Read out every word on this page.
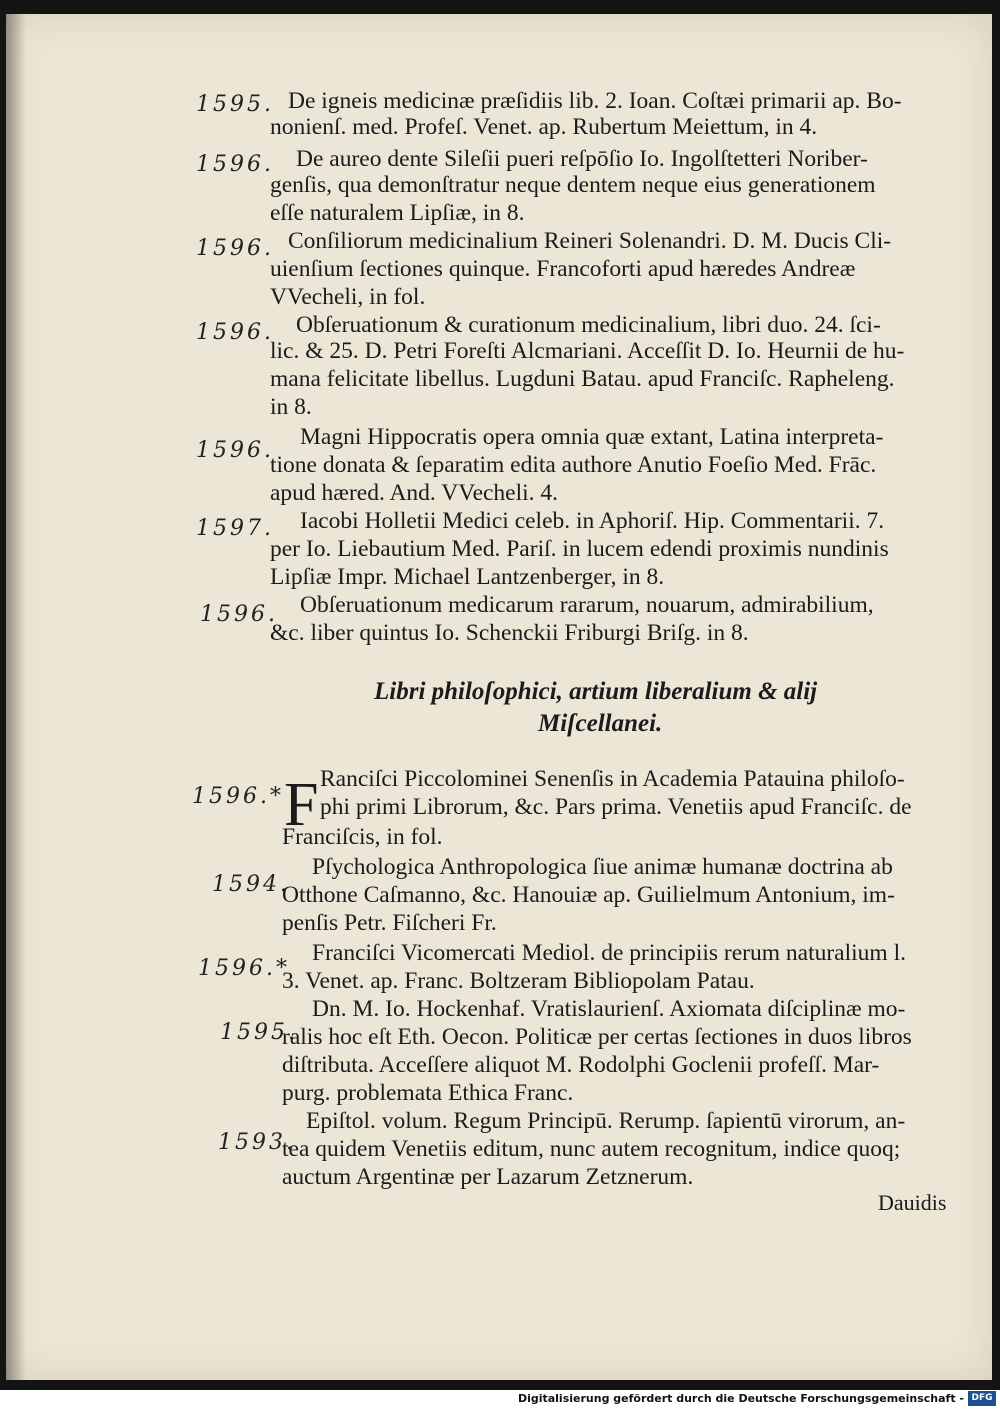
1595. De igneis medicinæ præſidiis lib. 2. Ioan. Coſtæi primarii ap. Bo-
nonienſ. med. Profeſ. Venet. ap. Rubertum Meiettum, in 4.
1596. De aureo dente Sileſii pueri reſpōſio Io. Ingolſtetteri Noriber-
genſis, qua demonſtratur neque dentem neque eius generationem
eſſe naturalem Lipſiæ, in 8.
1596. Conſiliorum medicinalium Reineri Solenandri. D. M. Ducis Cli-
uienſium ſectiones quinque. Francoforti apud hæredes Andreæ
VVecheli, in fol.
1596. Obſeruationum & curationum medicinalium, libri duo. 24. ſci-
lic. & 25. D. Petri Foreſti Alcmariani. Acceſſit D. Io. Heurnii de hu-
mana felicitate libellus. Lugduni Batau. apud Franciſc. Rapheleng.
in 8.
1596.
Magni Hippocratis opera omnia quæ extant, Latina interpreta-
tione donata & ſeparatim edita authore Anutio Foeſio Med. Frāc.
apud hæred. And. VVecheli. 4.
1597. Iacobi Holletii Medici celeb. in Aphoriſ. Hip. Commentarii. 7.
per Io. Liebautium Med. Pariſ. in lucem edendi proximis nundinis
Lipſiæ Impr. Michael Lantzenberger, in 8.
1596. Obſeruationum medicarum rararum, nouarum, admirabilium,
&c. liber quintus Io. Schenckii Friburgi Briſg. in 8.
Libri philoſophici, artium liberalium & alij
Miſcellanei.
1596.* F Ranciſci Piccolominei Senenſis in Academia Patauina philoſo-
phi primi Librorum, &c. Pars prima. Venetiis apud Franciſc. de
Franciſcis, in fol.
1594.
Pſychologica Anthropologica ſiue animæ humanæ doctrina ab
Otthone Caſmanno, &c. Hanouiæ ap. Guilielmum Antonium, im-
penſis Petr. Fiſcheri Fr.
1596.*
Franciſci Vicomercati Mediol. de principiis rerum naturalium l.
3. Venet. ap. Franc. Boltzeram Bibliopolam Patau.
1595.
Dn. M. Io. Hockenhaf. Vratislaurienſ. Axiomata diſciplinæ mo-
ralis hoc eſt Eth. Oecon. Politicæ per certas ſectiones in duos libros
diſtributa. Acceſſere aliquot M. Rodolphi Goclenii profeſſ. Mar-
purg. problemata Ethica Franc.
1593.
Epiſtol. volum. Regum Principū. Rerump. ſapientū virorum, an-
tea quidem Venetiis editum, nunc autem recognitum, indice quoq;
auctum Argentinæ per Lazarum Zetznerum.
Dauidis
Digitalisierung gefördert durch die Deutsche Forschungsgemeinschaft - DFG
